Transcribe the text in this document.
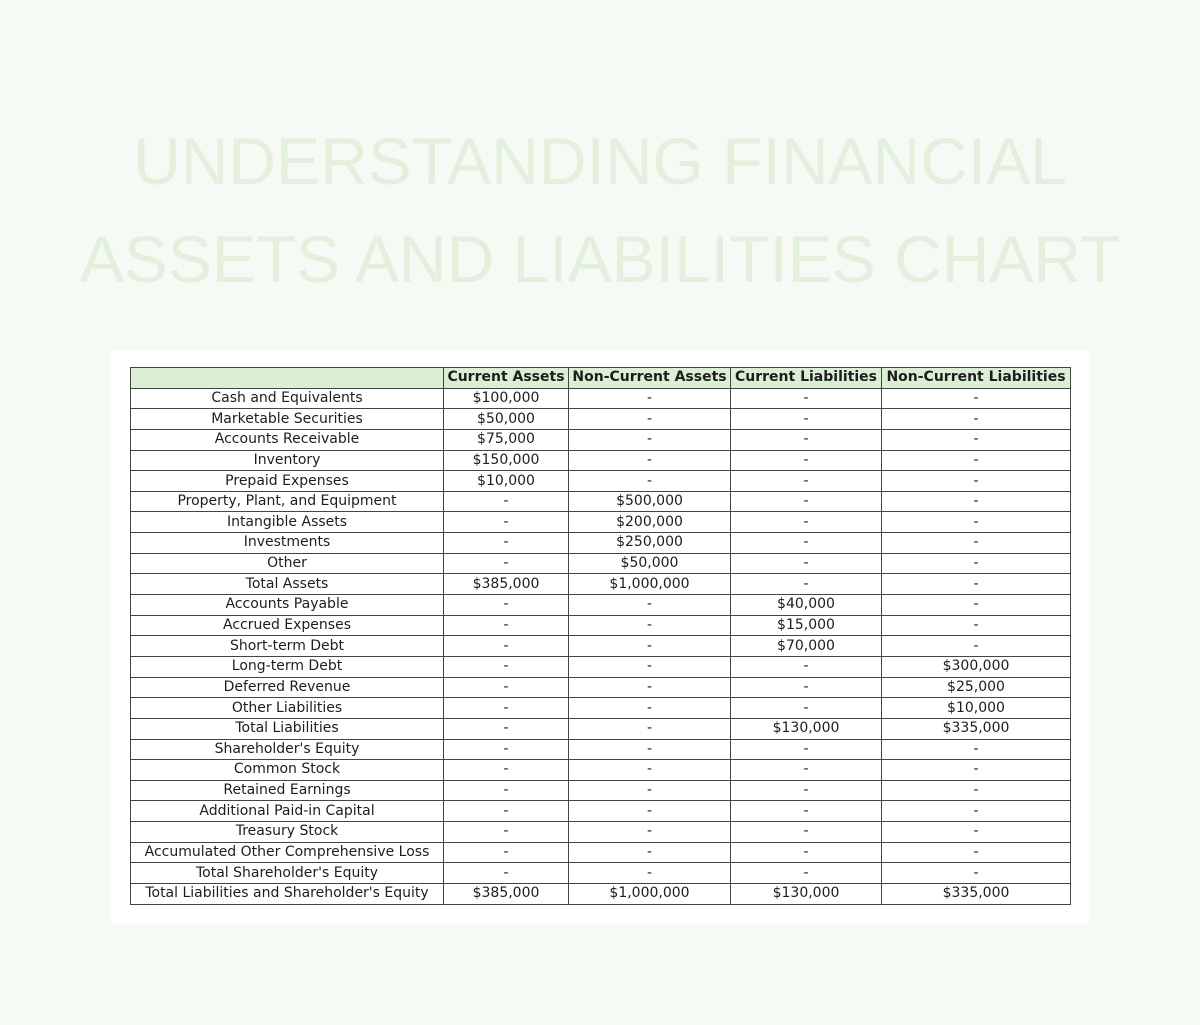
UNDERSTANDING FINANCIAL
ASSETS AND LIABILITIES CHART
	Current Assets	Non-Current Assets	Current Liabilities	Non-Current Liabilities
Cash and Equivalents	$100,000	-	-	-
Marketable Securities	$50,000	-	-	-
Accounts Receivable	$75,000	-	-	-
Inventory	$150,000	-	-	-
Prepaid Expenses	$10,000	-	-	-
Property, Plant, and Equipment	-	$500,000	-	-
Intangible Assets	-	$200,000	-	-
Investments	-	$250,000	-	-
Other	-	$50,000	-	-
Total Assets	$385,000	$1,000,000	-	-
Accounts Payable	-	-	$40,000	-
Accrued Expenses	-	-	$15,000	-
Short-term Debt	-	-	$70,000	-
Long-term Debt	-	-	-	$300,000
Deferred Revenue	-	-	-	$25,000
Other Liabilities	-	-	-	$10,000
Total Liabilities	-	-	$130,000	$335,000
Shareholder's Equity	-	-	-	-
Common Stock	-	-	-	-
Retained Earnings	-	-	-	-
Additional Paid-in Capital	-	-	-	-
Treasury Stock	-	-	-	-
Accumulated Other Comprehensive Loss	-	-	-	-
Total Shareholder's Equity	-	-	-	-
Total Liabilities and Shareholder's Equity	$385,000	$1,000,000	$130,000	$335,000
